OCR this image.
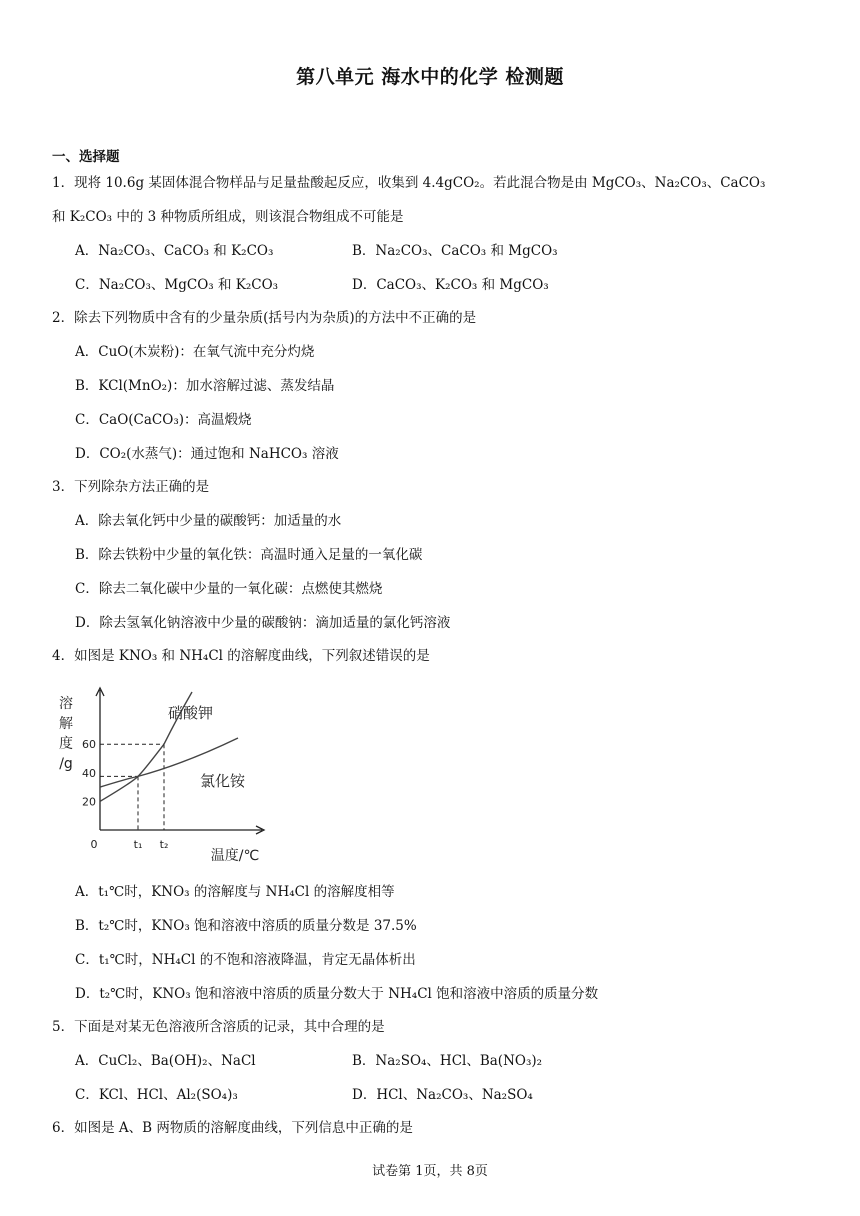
第八单元 海水中的化学 检测题
一、选择题
1．现将 10.6g 某固体混合物样品与足量盐酸起反应，收集到 4.4gCO₂。若此混合物是由 MgCO₃、Na₂CO₃、CaCO₃
和 K₂CO₃ 中的 3 种物质所组成，则该混合物组成不可能是
A．Na₂CO₃、CaCO₃ 和 K₂CO₃	B．Na₂CO₃、CaCO₃ 和 MgCO₃
C．Na₂CO₃、MgCO₃ 和 K₂CO₃	D．CaCO₃、K₂CO₃ 和 MgCO₃
2．除去下列物质中含有的少量杂质(括号内为杂质)的方法中不正确的是
A．CuO(木炭粉)：在氧气流中充分灼烧
B．KCl(MnO₂)：加水溶解过滤、蒸发结晶
C．CaO(CaCO₃)：高温煅烧
D．CO₂(水蒸气)：通过饱和 NaHCO₃ 溶液
3．下列除杂方法正确的是
A．除去氧化钙中少量的碳酸钙：加适量的水
B．除去铁粉中少量的氧化铁：高温时通入足量的一氧化碳
C．除去二氧化碳中少量的一氧化碳：点燃使其燃烧
D．除去氢氧化钠溶液中少量的碳酸钠：滴加适量的氯化钙溶液
4．如图是 KNO₃ 和 NH₄Cl 的溶解度曲线，下列叙述错误的是
溶
解
度
/g
60
40
20
0	t₁ t₂
温度/℃
硝酸钾
氯化铵
A．t₁℃时，KNO₃ 的溶解度与 NH₄Cl 的溶解度相等
B．t₂℃时，KNO₃ 饱和溶液中溶质的质量分数是 37.5%
C．t₁℃时，NH₄Cl 的不饱和溶液降温，肯定无晶体析出
D．t₂℃时，KNO₃ 饱和溶液中溶质的质量分数大于 NH₄Cl 饱和溶液中溶质的质量分数
5．下面是对某无色溶液所含溶质的记录，其中合理的是
A．CuCl₂、Ba(OH)₂、NaCl	B．Na₂SO₄、HCl、Ba(NO₃)₂
C．KCl、HCl、Al₂(SO₄)₃	D．HCl、Na₂CO₃、Na₂SO₄
6．如图是 A、B 两物质的溶解度曲线，下列信息中正确的是
试卷第 1页，共 8页
